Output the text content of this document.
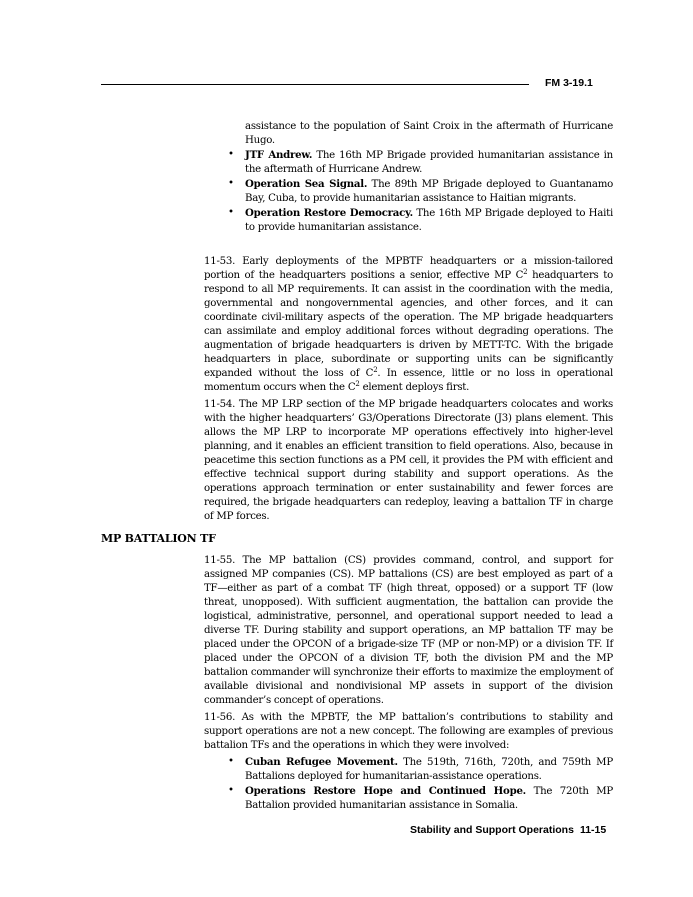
FM 3-19.1

assistance to the population of Saint Croix in the aftermath of Hurricane Hugo.

• JTF Andrew. The 16th MP Brigade provided humanitarian assistance in the aftermath of Hurricane Andrew.
• Operation Sea Signal. The 89th MP Brigade deployed to Guantanamo Bay, Cuba, to provide humanitarian assistance to Haitian migrants.
• Operation Restore Democracy. The 16th MP Brigade deployed to Haiti to provide humanitarian assistance.

11-53. Early deployments of the MPBTF headquarters or a mission-tailored portion of the headquarters positions a senior, effective MP $C^2$ headquarters to respond to all MP requirements. It can assist in the coordination with the media, governmental and nongovernmental agencies, and other forces, and it can coordinate civil-military aspects of the operation. The MP brigade headquarters can assimilate and employ additional forces without degrading operations. The augmentation of brigade headquarters is driven by METT-TC. With the brigade headquarters in place, subordinate or supporting units can be significantly expanded without the loss of $C^2$. In essence, little or no loss in operational momentum occurs when the $C^2$ element deploys first.

11-54. The MP LRP section of the MP brigade headquarters colocates and works with the higher headquarters’ G3/Operations Directorate (J3) plans element. This allows the MP LRP to incorporate MP operations effectively into higher-level planning, and it enables an efficient transition to field operations. Also, because in peacetime this section functions as a PM cell, it provides the PM with efficient and effective technical support during stability and support operations. As the operations approach termination or enter sustainability and fewer forces are required, the brigade headquarters can redeploy, leaving a battalion TF in charge of MP forces.

MP BATTALION TF

11-55. The MP battalion (CS) provides command, control, and support for assigned MP companies (CS). MP battalions (CS) are best employed as part of a TF—either as part of a combat TF (high threat, opposed) or a support TF (low threat, unopposed). With sufficient augmentation, the battalion can provide the logistical, administrative, personnel, and operational support needed to lead a diverse TF. During stability and support operations, an MP battalion TF may be placed under the OPCON of a brigade-size TF (MP or non-MP) or a division TF. If placed under the OPCON of a division TF, both the division PM and the MP battalion commander will synchronize their efforts to maximize the employment of available divisional and nondivisional MP assets in support of the division commander’s concept of operations.

11-56. As with the MPBTF, the MP battalion’s contributions to stability and support operations are not a new concept. The following are examples of previous battalion TFs and the operations in which they were involved:

• Cuban Refugee Movement. The 519th, 716th, 720th, and 759th MP Battalions deployed for humanitarian-assistance operations.
• Operations Restore Hope and Continued Hope. The 720th MP Battalion provided humanitarian assistance in Somalia.
Stability and Support Operations 11-15
